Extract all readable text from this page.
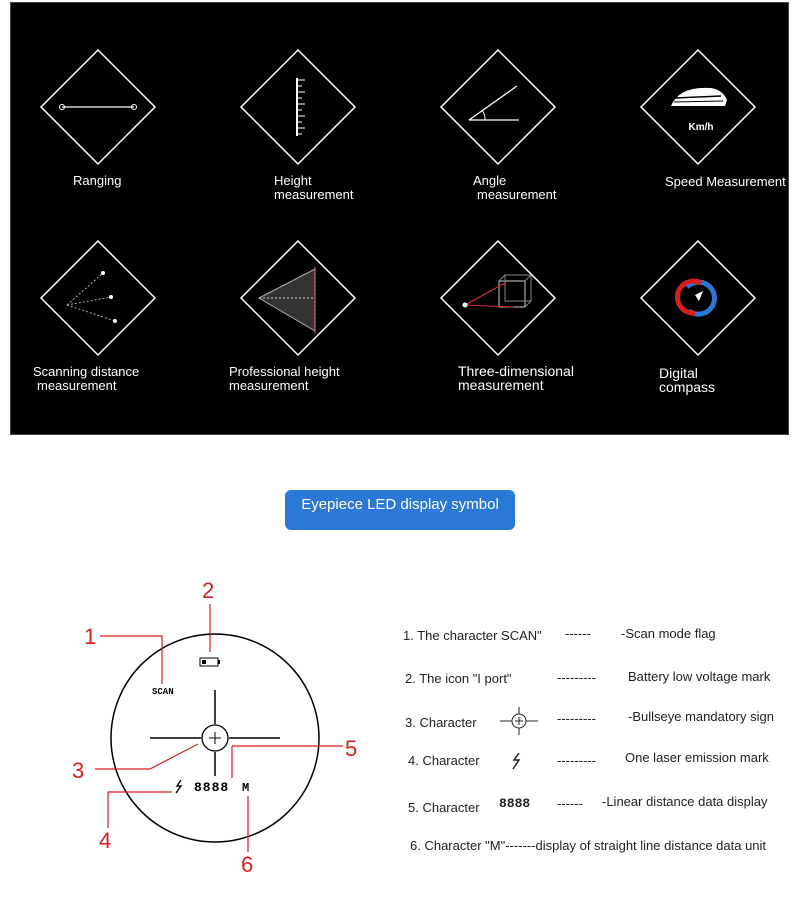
Ranging	Height
measurement
Angle
measurement
Km/h
Speed Measurement
Scanning distance
measurement
Professional height
measurement
Three-dimensional
measurement
Digital
compass
Eyepiece LED display symbol
SCAN
8888 M
1
2
3
4
5
6
1. The character SCAN" ------ -Scan mode flag
2. The icon "I port"	--------- Battery low voltage mark
3. Character	--------- -Bullseye mandatory sign
4. Character	--------- One laser emission mark
5. Character 8888 ------ -Linear distance data display
6. Character "M"-------display of straight line distance data unit
